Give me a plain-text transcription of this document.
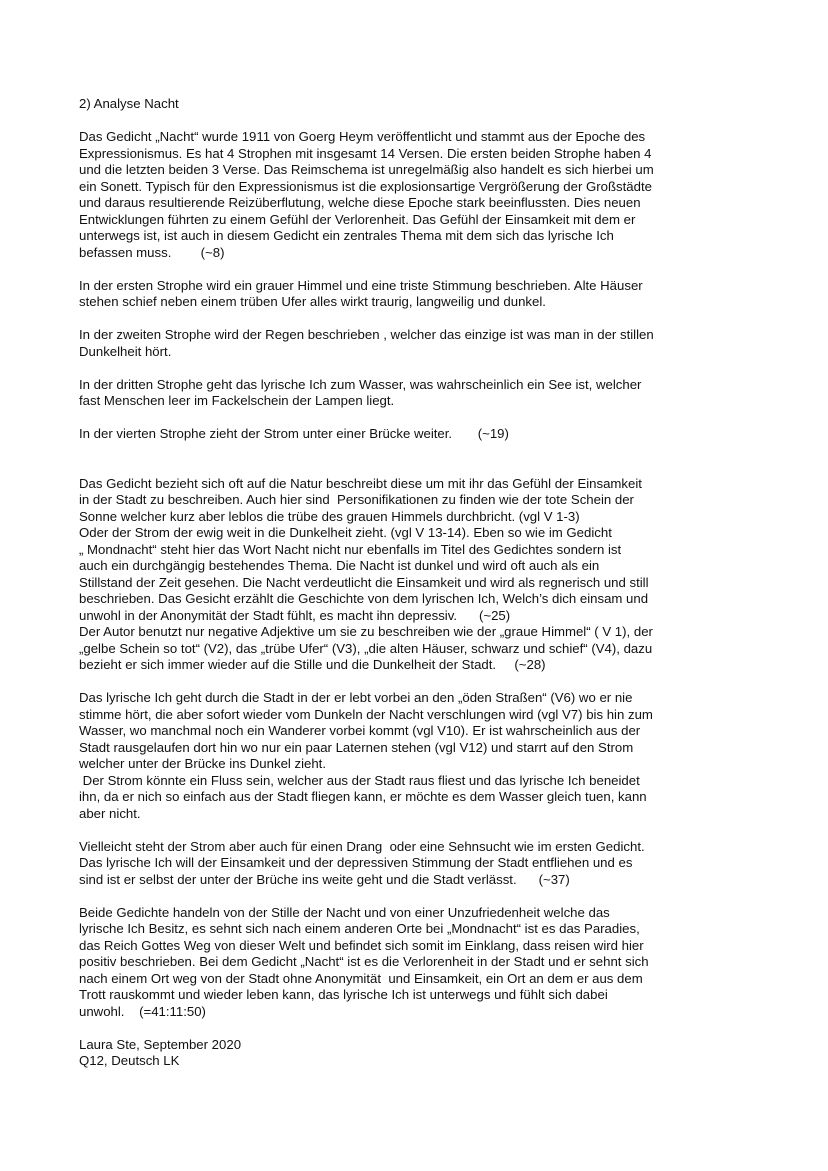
2) Analyse Nacht
Das Gedicht „Nacht“ wurde 1911 von Goerg Heym veröffentlicht und stammt aus der Epoche des
Expressionismus. Es hat 4 Strophen mit insgesamt 14 Versen. Die ersten beiden Strophe haben 4
und die letzten beiden 3 Verse. Das Reimschema ist unregelmäßig also handelt es sich hierbei um
ein Sonett. Typisch für den Expressionismus ist die explosionsartige Vergrößerung der Großstädte
und daraus resultierende Reizüberflutung, welche diese Epoche stark beeinflussten. Dies neuen
Entwicklungen führten zu einem Gefühl der Verlorenheit. Das Gefühl der Einsamkeit mit dem er
unterwegs ist, ist auch in diesem Gedicht ein zentrales Thema mit dem sich das lyrische Ich
befassen muss.        (~8)
In der ersten Strophe wird ein grauer Himmel und eine triste Stimmung beschrieben. Alte Häuser
stehen schief neben einem trüben Ufer alles wirkt traurig, langweilig und dunkel.
In der zweiten Strophe wird der Regen beschrieben , welcher das einzige ist was man in der stillen
Dunkelheit hört.
In der dritten Strophe geht das lyrische Ich zum Wasser, was wahrscheinlich ein See ist, welcher
fast Menschen leer im Fackelschein der Lampen liegt.
In der vierten Strophe zieht der Strom unter einer Brücke weiter.       (~19)
Das Gedicht bezieht sich oft auf die Natur beschreibt diese um mit ihr das Gefühl der Einsamkeit
in der Stadt zu beschreiben. Auch hier sind  Personifikationen zu finden wie der tote Schein der
Sonne welcher kurz aber leblos die trübe des grauen Himmels durchbricht. (vgl V 1-3)
Oder der Strom der ewig weit in die Dunkelheit zieht. (vgl V 13-14). Eben so wie im Gedicht
„ Mondnacht“ steht hier das Wort Nacht nicht nur ebenfalls im Titel des Gedichtes sondern ist
auch ein durchgängig bestehendes Thema. Die Nacht ist dunkel und wird oft auch als ein
Stillstand der Zeit gesehen. Die Nacht verdeutlicht die Einsamkeit und wird als regnerisch und still
beschrieben. Das Gesicht erzählt die Geschichte von dem lyrischen Ich, Welch’s dich einsam und
unwohl in der Anonymität der Stadt fühlt, es macht ihn depressiv.      (~25)
Der Autor benutzt nur negative Adjektive um sie zu beschreiben wie der „graue Himmel“ ( V 1), der
„gelbe Schein so tot“ (V2), das „trübe Ufer“ (V3), „die alten Häuser, schwarz und schief“ (V4), dazu
bezieht er sich immer wieder auf die Stille und die Dunkelheit der Stadt.     (~28)
Das lyrische Ich geht durch die Stadt in der er lebt vorbei an den „öden Straßen“ (V6) wo er nie
stimme hört, die aber sofort wieder vom Dunkeln der Nacht verschlungen wird (vgl V7) bis hin zum
Wasser, wo manchmal noch ein Wanderer vorbei kommt (vgl V10). Er ist wahrscheinlich aus der
Stadt rausgelaufen dort hin wo nur ein paar Laternen stehen (vgl V12) und starrt auf den Strom
welcher unter der Brücke ins Dunkel zieht.
Der Strom könnte ein Fluss sein, welcher aus der Stadt raus fliest und das lyrische Ich beneidet
ihn, da er nich so einfach aus der Stadt fliegen kann, er möchte es dem Wasser gleich tuen, kann
aber nicht.
Vielleicht steht der Strom aber auch für einen Drang  oder eine Sehnsucht wie im ersten Gedicht.
Das lyrische Ich will der Einsamkeit und der depressiven Stimmung der Stadt entfliehen und es
sind ist er selbst der unter der Brüche ins weite geht und die Stadt verlässt.      (~37)
Beide Gedichte handeln von der Stille der Nacht und von einer Unzufriedenheit welche das
lyrische Ich Besitz, es sehnt sich nach einem anderen Orte bei „Mondnacht“ ist es das Paradies,
das Reich Gottes Weg von dieser Welt und befindet sich somit im Einklang, dass reisen wird hier
positiv beschrieben. Bei dem Gedicht „Nacht“ ist es die Verlorenheit in der Stadt und er sehnt sich
nach einem Ort weg von der Stadt ohne Anonymität  und Einsamkeit, ein Ort an dem er aus dem
Trott rauskommt und wieder leben kann, das lyrische Ich ist unterwegs und fühlt sich dabei
unwohl.    (=41:11:50)
Laura Ste, September 2020
Q12, Deutsch LK
